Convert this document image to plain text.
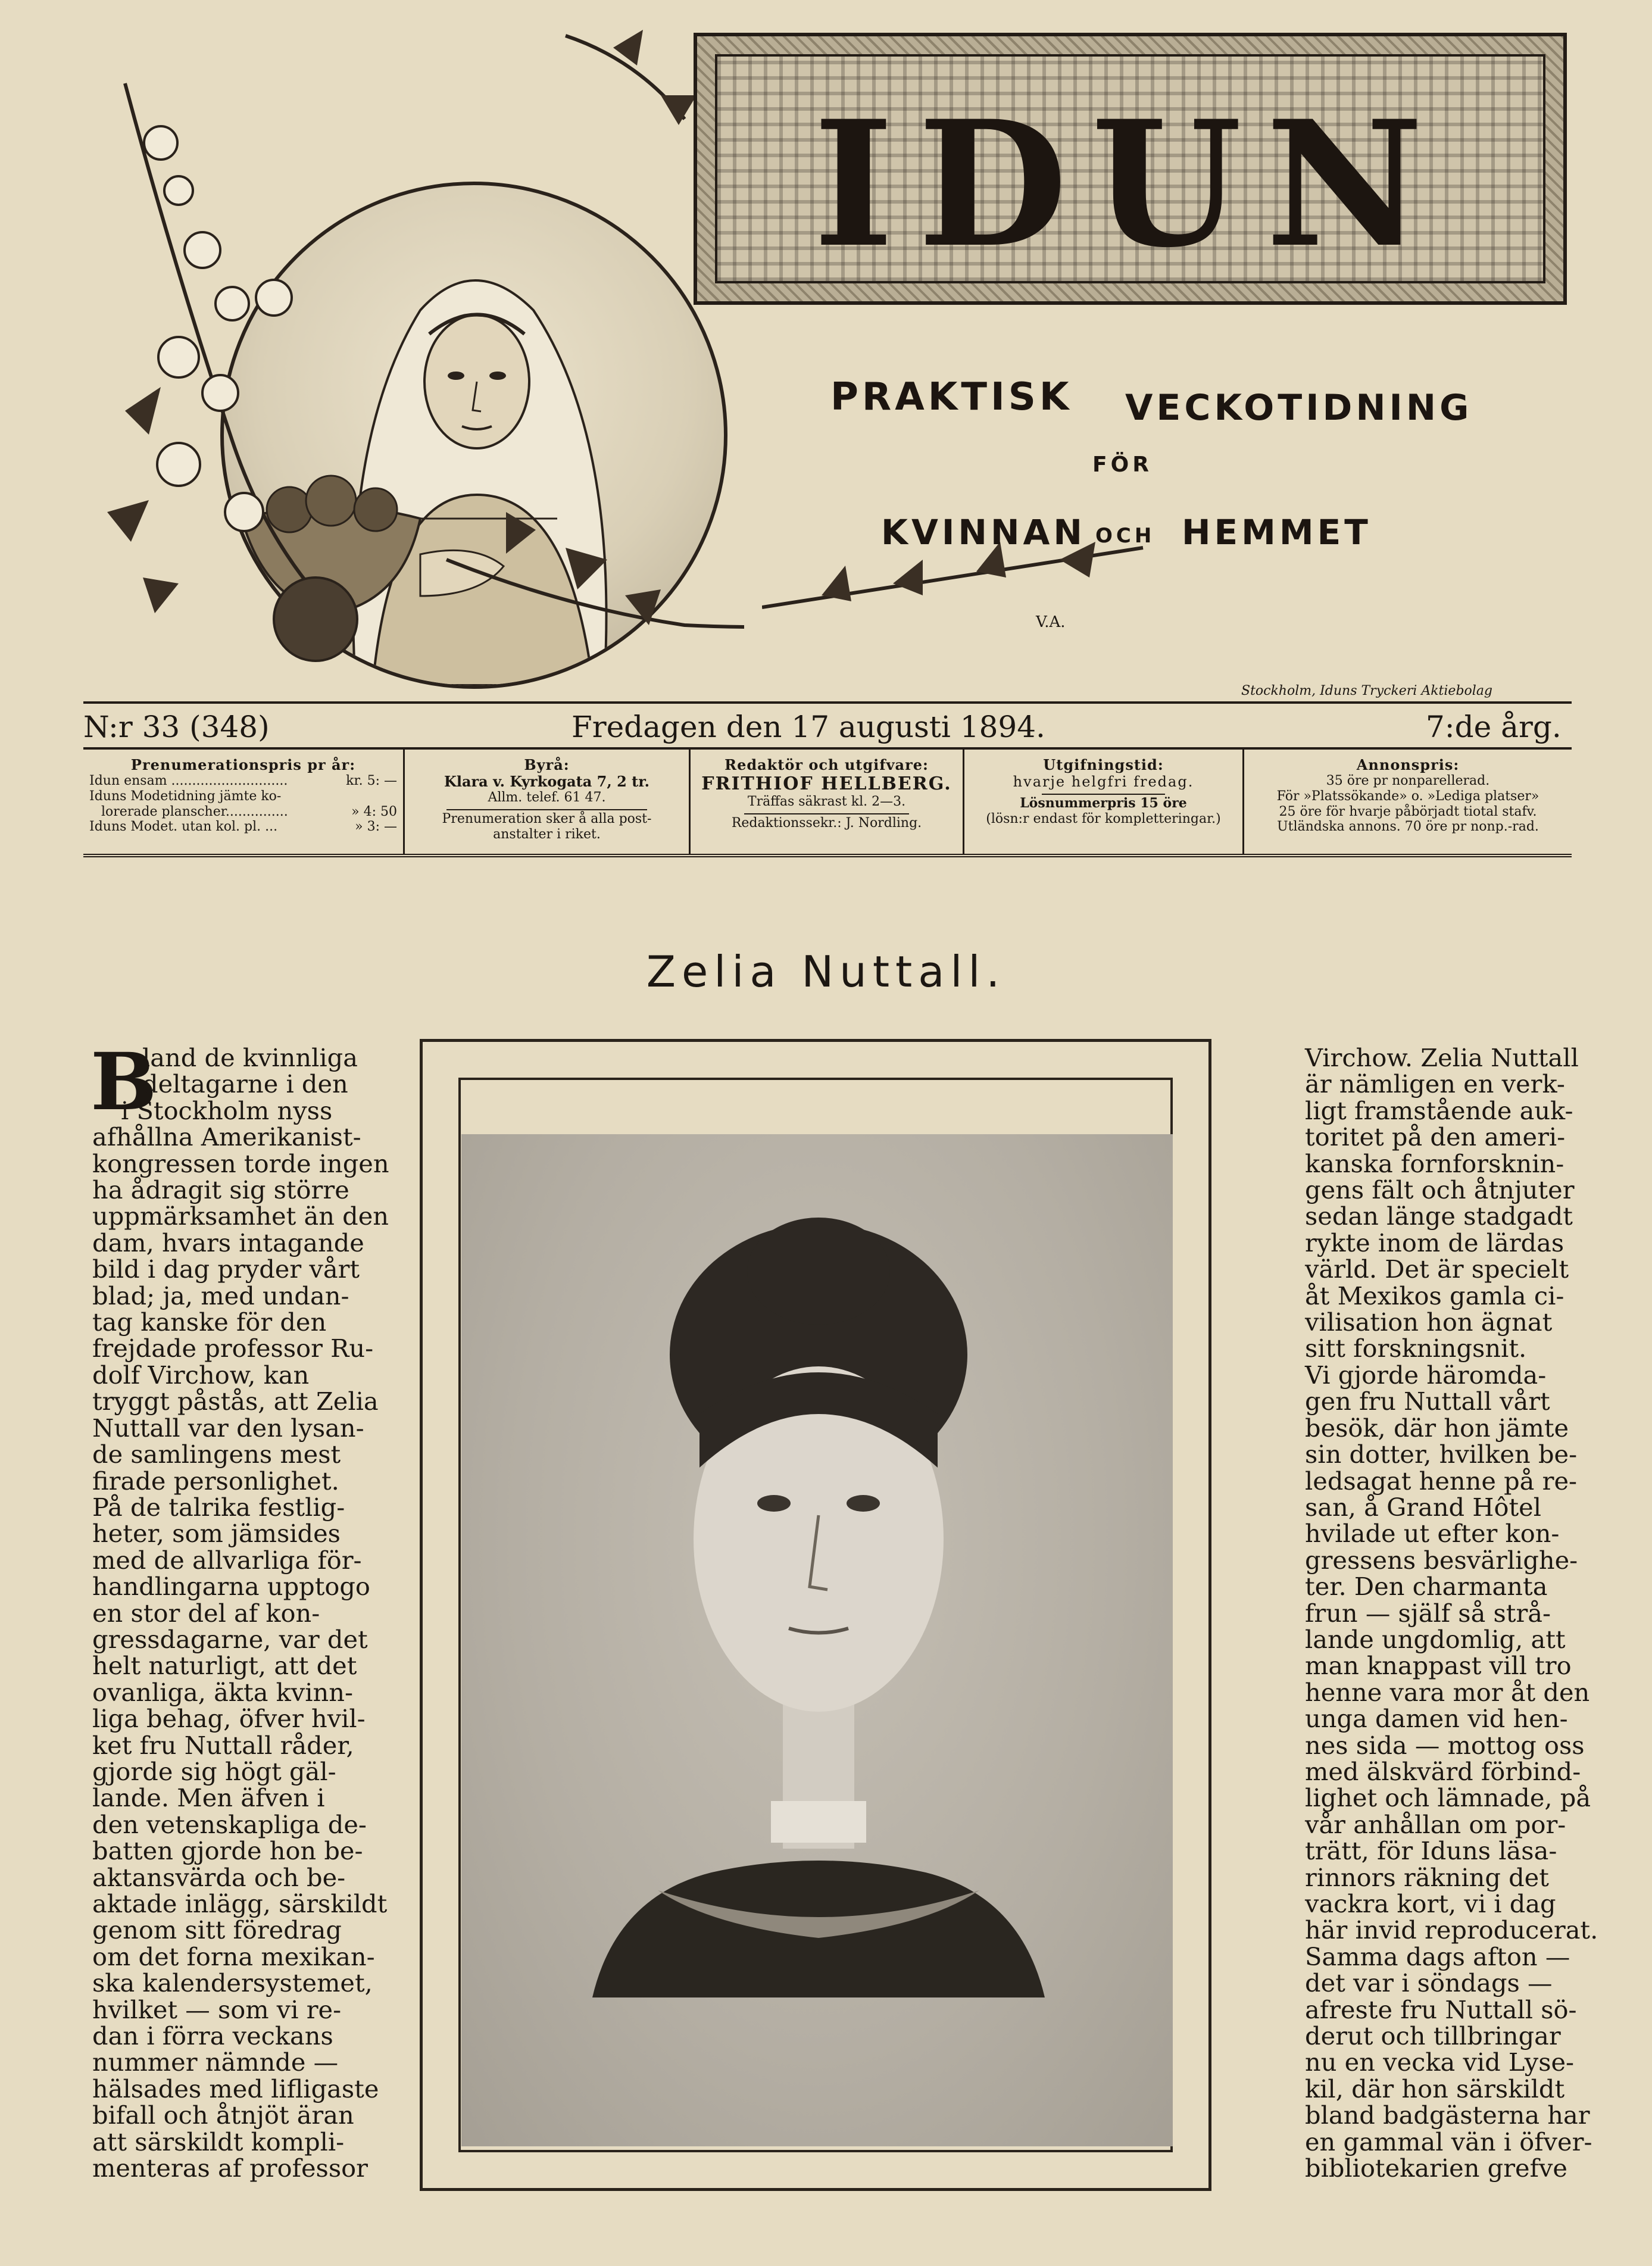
V.A.
IDUN
PRAKTISK VECKOTIDNING
FÖR
KVINNAN OCH HEMMET
Stockholm, Iduns Tryckeri Aktiebolag
N:r 33 (348)	Fredagen den 17 augusti 1894.	7:de årg.
Prenumerationspris pr år:
Idun ensam ............................	kr. 5: —
Iduns Modetidning jämte ko-
lorerade planscher...............	» 4: 50
Iduns Modet. utan kol. pl. ...	» 3: —
Byrå:
Klara v. Kyrkogata 7, 2 tr.
Allm. telef. 61 47.
Prenumeration sker å alla post-
anstalter i riket.
Redaktör och utgifvare:
FRITHIOF HELLBERG.
Träffas säkrast kl. 2—3.
Redaktionssekr.: J. Nordling.
Utgifningstid:
hvarje helgfri fredag.
Lösnummerpris 15 öre
(lösn:r endast för kompletteringar.)
Annonspris:
35 öre pr nonparellerad.
För »Platssökande» o. »Lediga platser»
25 öre för hvarje påbörjadt tiotal stafv.
Utländska annons. 70 öre pr nonp.-rad.
Zelia Nuttall.
B
land de kvinnliga
deltagarne i den
i Stockholm nyss
afhållna Amerikanist-
kongressen torde ingen
ha ådragit sig större
uppmärksamhet än den
dam, hvars intagande
bild i dag pryder vårt
blad; ja, med undan-
tag kanske för den
frejdade professor Ru-
dolf Virchow, kan
tryggt påstås, att Zelia
Nuttall var den lysan-
de samlingens mest
firade personlighet.
På de talrika festlig-
heter, som jämsides
med de allvarliga för-
handlingarna upptogo
en stor del af kon-
gressdagarne, var det
helt naturligt, att det
ovanliga, äkta kvinn-
liga behag, öfver hvil-
ket fru Nuttall råder,
gjorde sig högt gäl-
lande. Men äfven i
den vetenskapliga de-
batten gjorde hon be-
aktansvärda och be-
aktade inlägg, särskildt
genom sitt föredrag
om det forna mexikan-
ska kalendersystemet,
hvilket — som vi re-
dan i förra veckans
nummer nämnde —
hälsades med lifligaste
bifall och åtnjöt äran
att särskildt kompli-
menteras af professor
Virchow. Zelia Nuttall
är nämligen en verk-
ligt framstående auk-
toritet på den ameri-
kanska fornforsknin-
gens fält och åtnjuter
sedan länge stadgadt
rykte inom de lärdas
värld. Det är specielt
åt Mexikos gamla ci-
vilisation hon ägnat
sitt forskningsnit.
Vi gjorde häromda-
gen fru Nuttall vårt
besök, där hon jämte
sin dotter, hvilken be-
ledsagat henne på re-
san, å Grand Hôtel
hvilade ut efter kon-
gressens besvärlighe-
ter. Den charmanta
frun — själf så strå-
lande ungdomlig, att
man knappast vill tro
henne vara mor åt den
unga damen vid hen-
nes sida — mottog oss
med älskvärd förbind-
lighet och lämnade, på
vår anhållan om por-
trätt, för Iduns läsa-
rinnors räkning det
vackra kort, vi i dag
här invid reproducerat.
Samma dags afton —
det var i söndags —
afreste fru Nuttall sö-
derut och tillbringar
nu en vecka vid Lyse-
kil, där hon särskildt
bland badgästerna har
en gammal vän i öfver-
bibliotekarien grefve
